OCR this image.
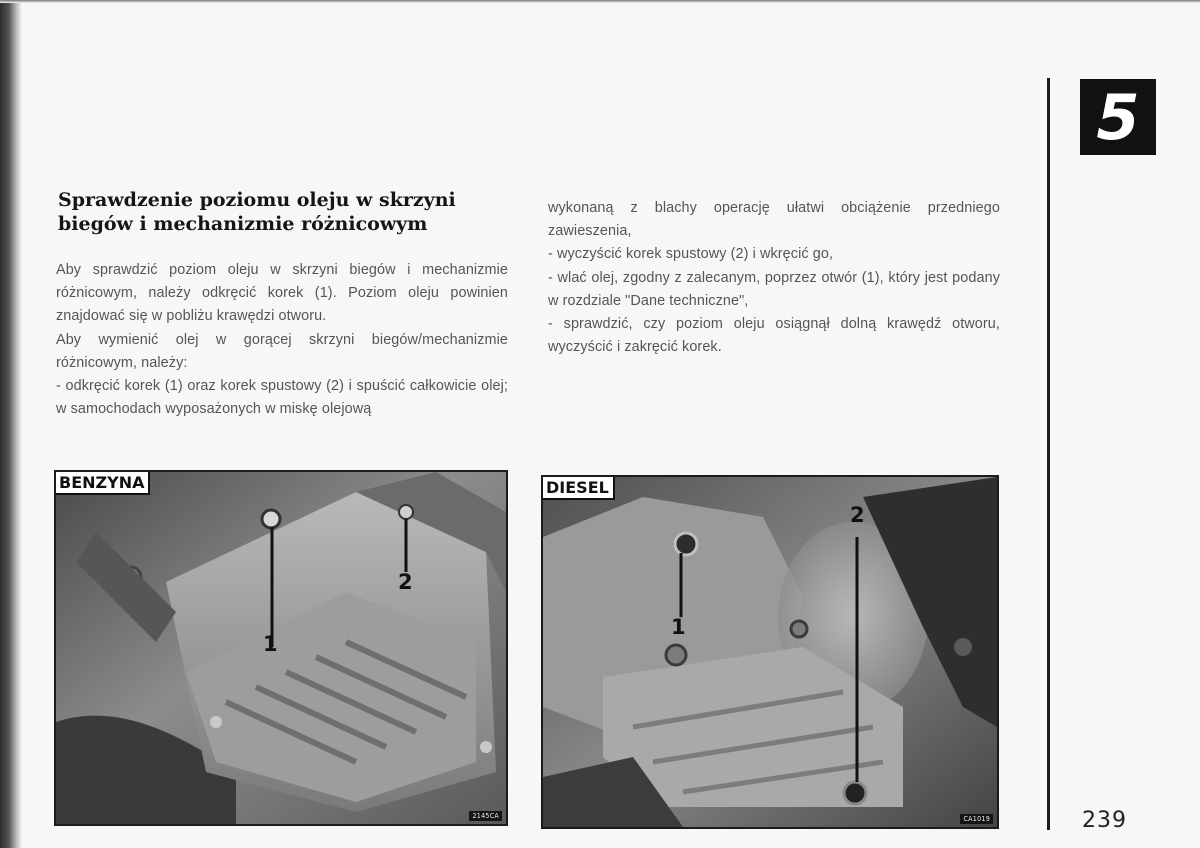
5
239
Sprawdzenie poziomu oleju w skrzyni
biegów i mechanizmie różnicowym

Aby sprawdzić poziom oleju w skrzyni biegów i mechanizmie różnicowym, należy odkręcić korek (1). Poziom oleju powinien znajdować się w pobliżu krawędzi otworu.

Aby wymienić olej w gorącej skrzyni biegów/mechanizmie różnicowym, należy:

- odkręcić korek (1) oraz korek spustowy (2) i spuścić całkowicie olej; w samochodach wyposażonych w miskę olejową

wykonaną z blachy operację ułatwi obciążenie przedniego zawieszenia,

- wyczyścić korek spustowy (2) i wkręcić go,

- wlać olej, zgodny z zalecanym, poprzez otwór (1), który jest podany w rozdziale "Dane techniczne",

- sprawdzić, czy poziom oleju osiągnął dolną krawędź otworu, wyczyścić i zakręcić korek.

BENZYNA
1
2
2145CA
DIESEL
1
2
CA1019
